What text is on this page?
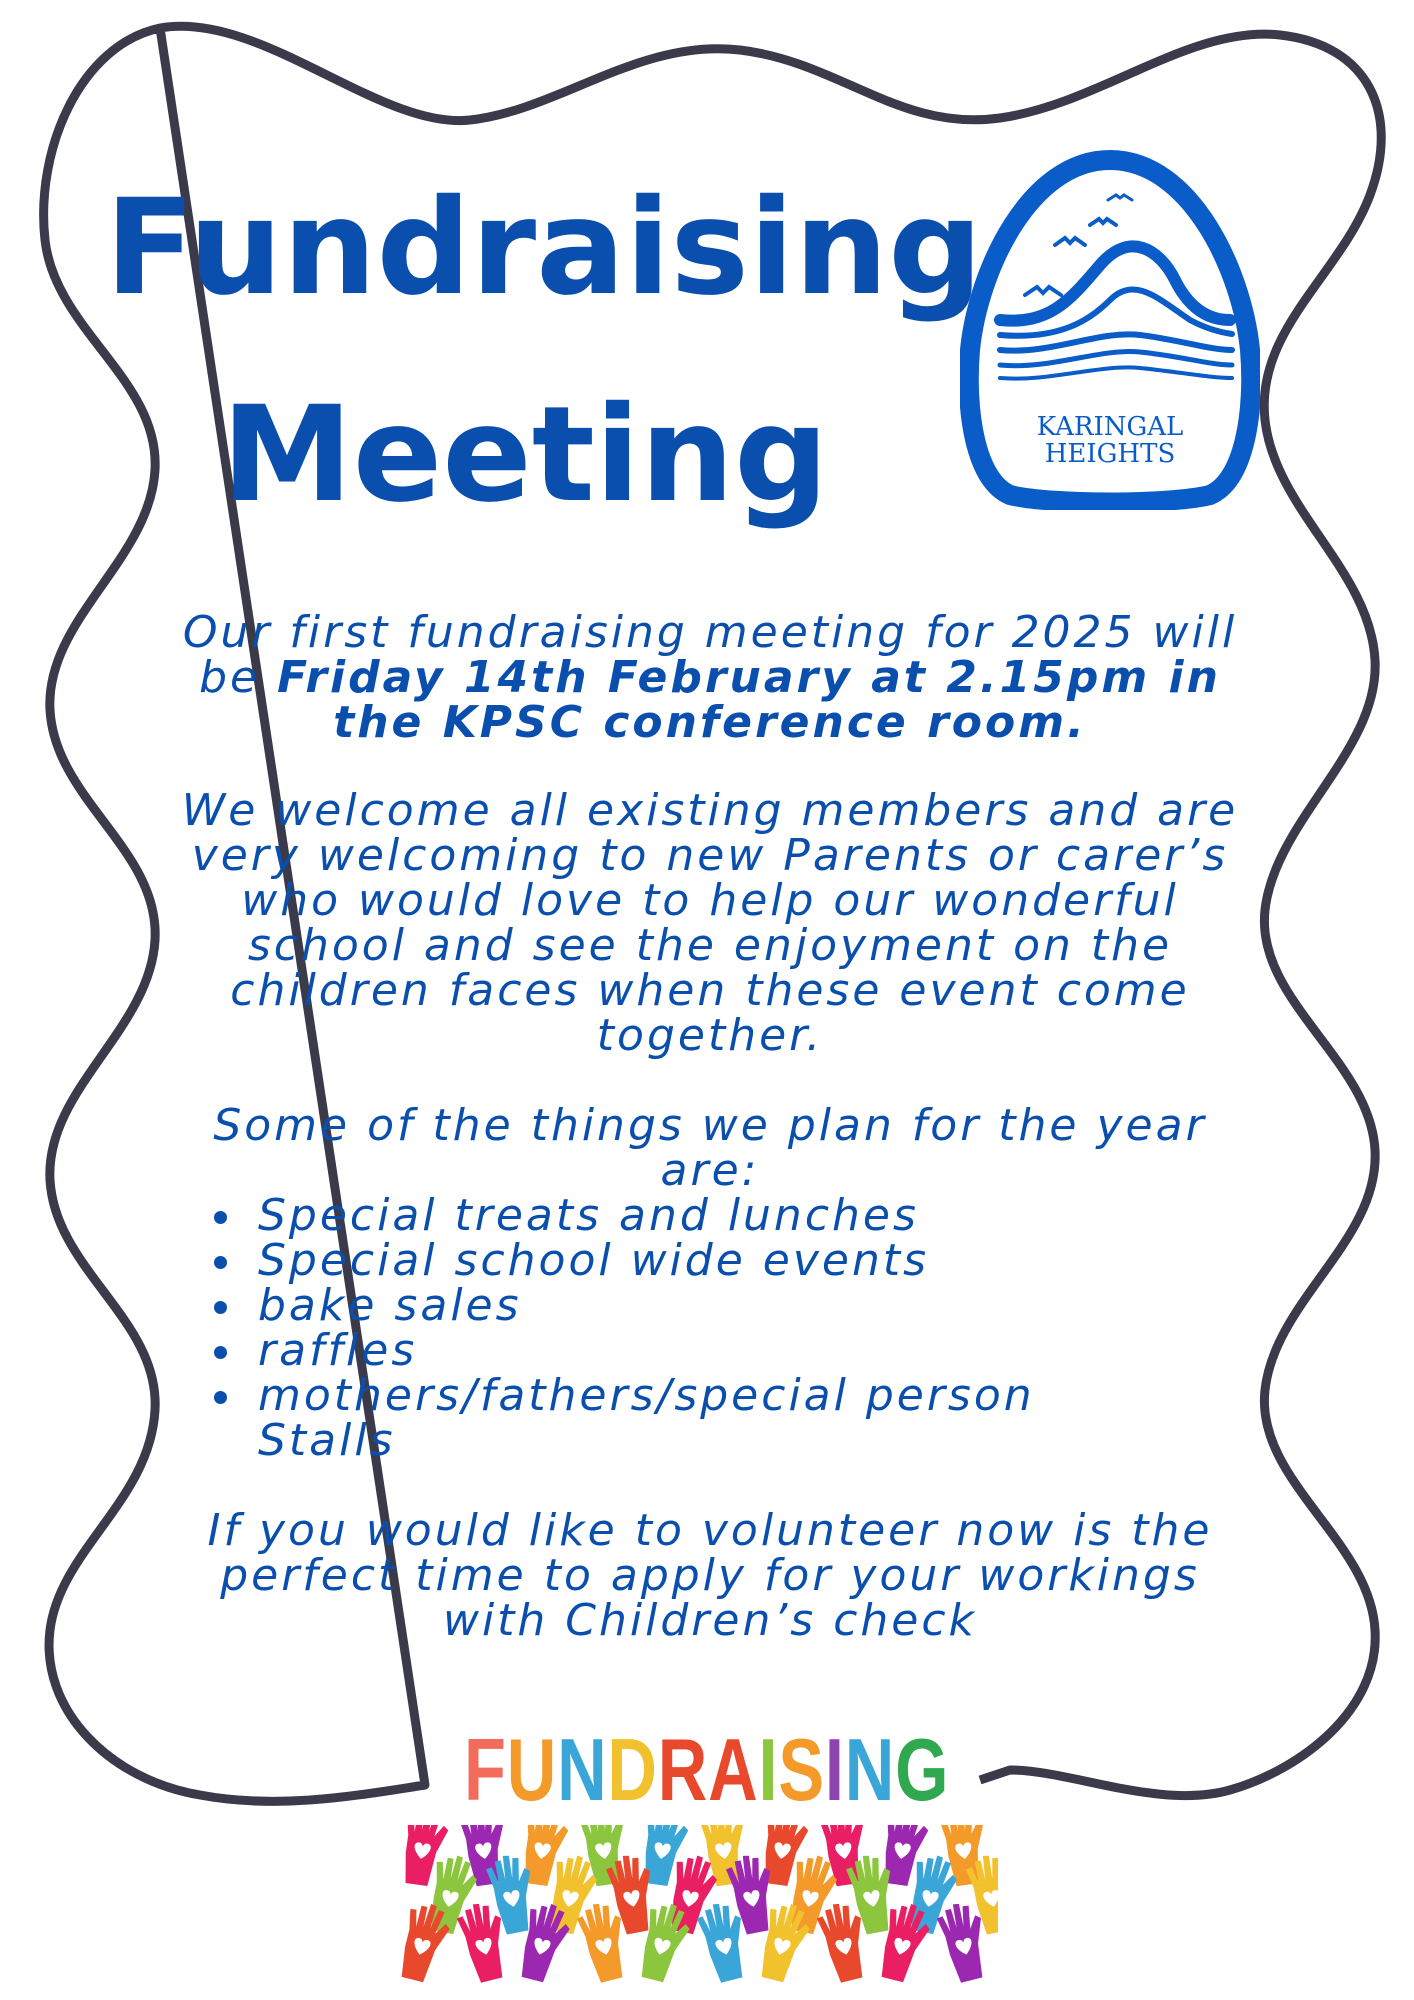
Fundraising
Meeting	KARINGAL
HEIGHTS

Our first fundraising meeting for 2025 will be Friday 14th February at 2.15pm in the KPSC conference room.

We welcome all existing members and are very welcoming to new Parents or carer’s who would love to help our wonderful school and see the enjoyment on the children faces when these event come together.

Some of the things we plan for the year are:

Special treats and lunches
Special school wide events
bake sales
raffles
mothers/fathers/special person Stalls

If you would like to volunteer now is the perfect time to apply for your workings with Children’s check

FUNDRAISING
